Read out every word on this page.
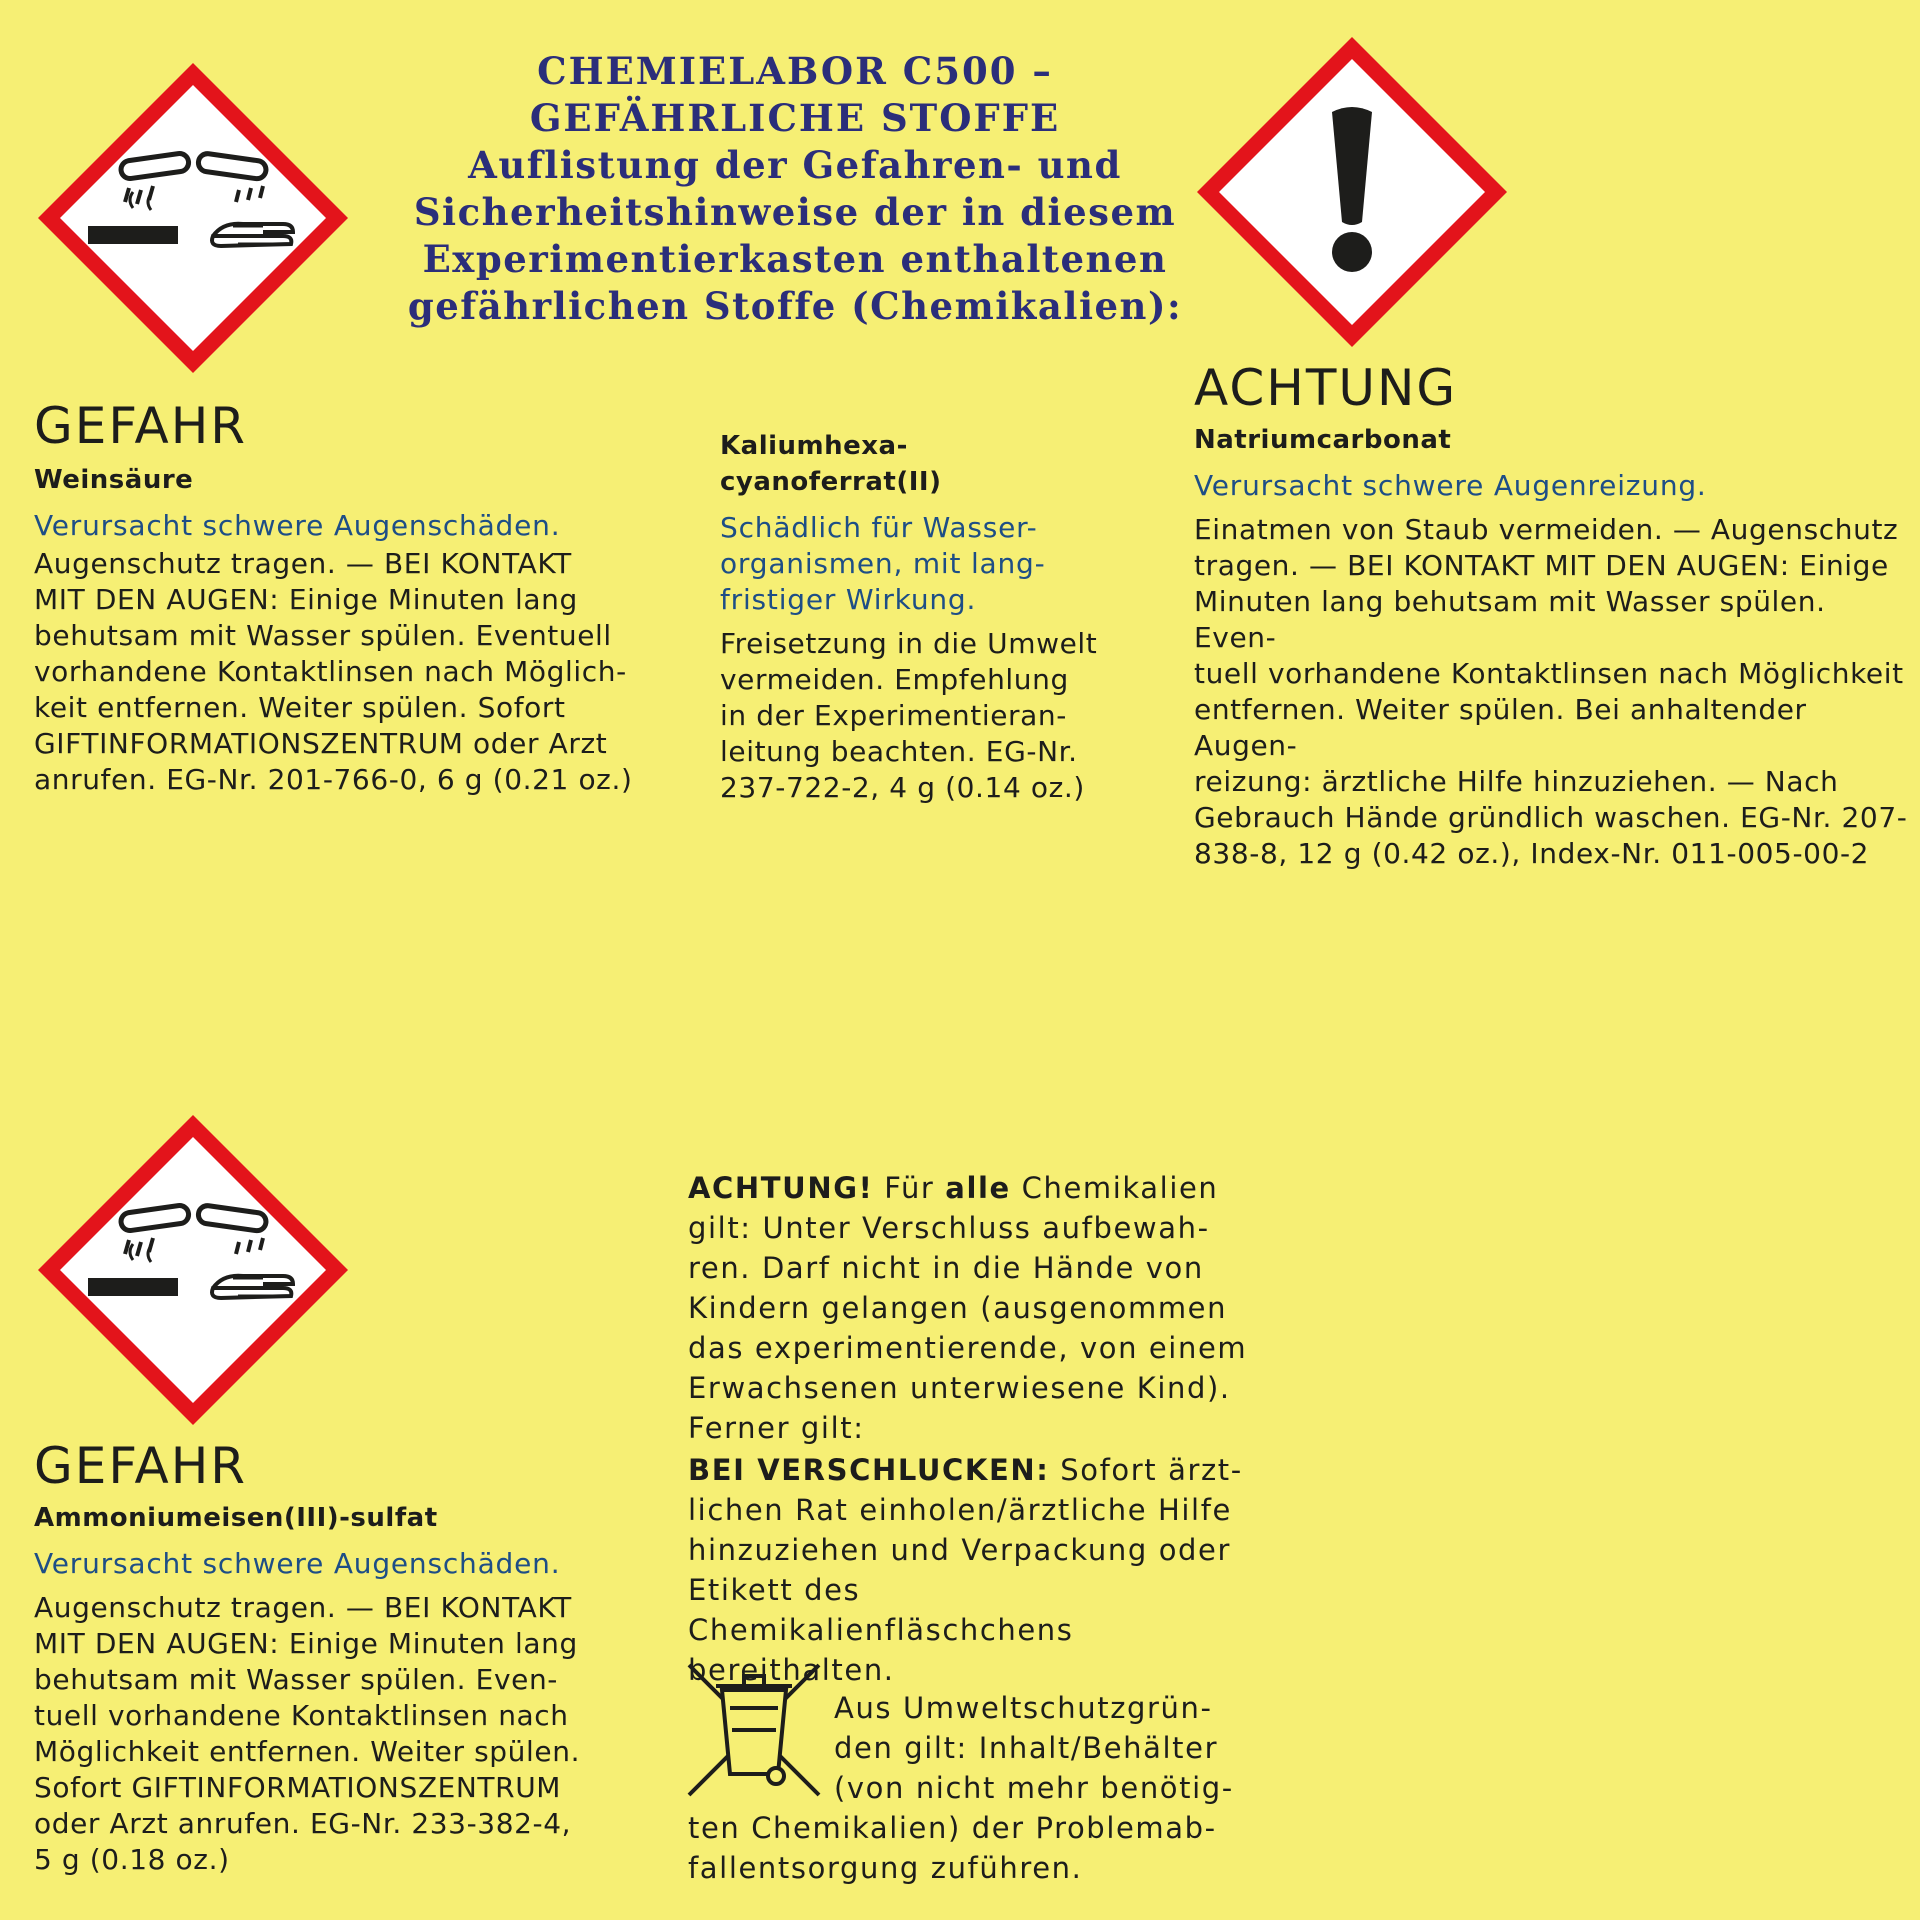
CHEMIELABOR C500 –
GEFÄHRLICHE STOFFE
Auflistung der Gefahren- und
Sicherheitshinweise der in diesem
Experimentierkasten enthaltenen
gefährlichen Stoffe (Chemikalien):
GEFAHR
Weinsäure
Verursacht schwere Augenschäden.
Augenschutz tragen. — BEI KONTAKT
MIT DEN AUGEN: Einige Minuten lang
behutsam mit Wasser spülen. Eventuell
vorhandene Kontaktlinsen nach Möglich-
keit entfernen. Weiter spülen. Sofort
GIFTINFORMATIONSZENTRUM oder Arzt
anrufen. EG-Nr. 201-766-0, 6 g (0.21 oz.)
Kaliumhexa-
cyanoferrat(II)
Schädlich für Wasser-
organismen, mit lang-
fristiger Wirkung.
Freisetzung in die Umwelt
vermeiden. Empfehlung
in der Experimentieran-
leitung beachten. EG-Nr.
237-722-2, 4 g (0.14 oz.)
ACHTUNG
Natriumcarbonat
Verursacht schwere Augenreizung.
Einatmen von Staub vermeiden. — Augenschutz
tragen. — BEI KONTAKT MIT DEN AUGEN: Einige
Minuten lang behutsam mit Wasser spülen. Even-
tuell vorhandene Kontaktlinsen nach Möglichkeit
entfernen. Weiter spülen. Bei anhaltender Augen-
reizung: ärztliche Hilfe hinzuziehen. — Nach
Gebrauch Hände gründlich waschen. EG-Nr. 207-
838-8, 12 g (0.42 oz.), Index-Nr. 011-005-00-2
GEFAHR
Ammoniumeisen(III)-sulfat
Verursacht schwere Augenschäden.
Augenschutz tragen. — BEI KONTAKT
MIT DEN AUGEN: Einige Minuten lang
behutsam mit Wasser spülen. Even-
tuell vorhandene Kontaktlinsen nach
Möglichkeit entfernen. Weiter spülen.
Sofort GIFTINFORMATIONSZENTRUM
oder Arzt anrufen. EG-Nr. 233-382-4,
5 g (0.18 oz.)
ACHTUNG! Für alle Chemikalien gilt: Unter Verschluss aufbewah-ren. Darf nicht in die Hände von Kindern gelangen (ausgenommen das experimentierende, von einem Erwachsenen unterwiesene Kind). Ferner gilt:
BEI VERSCHLUCKEN: Sofort ärzt-lichen Rat einholen/ärztliche Hilfe hinzuziehen und Verpackung oder Etikett des Chemikalienfläschchens bereithalten.
Aus Umweltschutzgrün-
den gilt: Inhalt/Behälter
(von nicht mehr benötig-
ten Chemikalien) der Problemab-
fallentsorgung zuführen.
